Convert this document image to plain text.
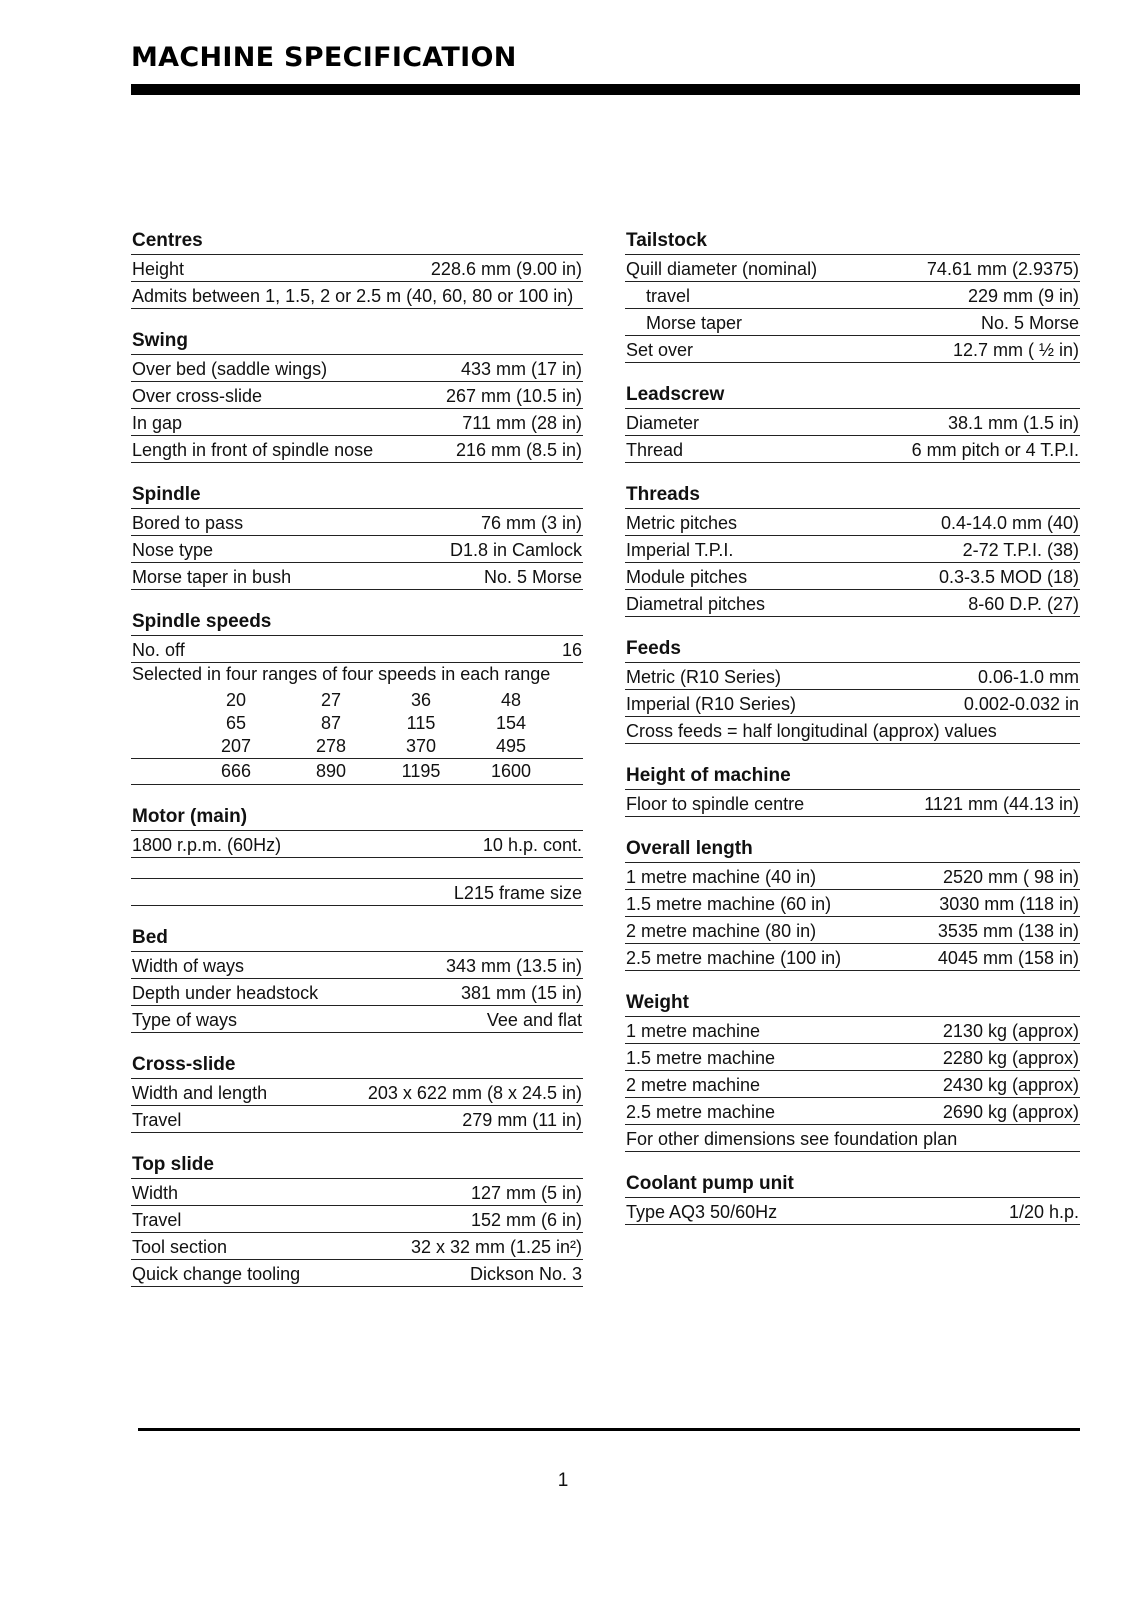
MACHINE SPECIFICATION
Centres
Height	228.6 mm (9.00 in)
Admits between 1, 1.5, 2 or 2.5 m (40, 60, 80 or 100 in)
Swing
Over bed (saddle wings)	433 mm (17 in)
Over cross-slide	267 mm (10.5 in)
In gap	711 mm (28 in)
Length in front of spindle nose	216 mm (8.5 in)
Spindle
Bored to pass	76 mm (3 in)
Nose type	D1.8 in Camlock
Morse taper in bush	No. 5 Morse
Spindle speeds
No. off	16
Selected in four ranges of four speeds in each range
20	27	36	48
65	87	115	154
207	278	370	495
666	890	1195	1600
Motor (main)
1800 r.p.m. (60Hz)	10 h.p. cont.
L215 frame size
Bed
Width of ways	343 mm (13.5 in)
Depth under headstock	381 mm (15 in)
Type of ways	Vee and flat
Cross-slide
Width and length	203 x 622 mm (8 x 24.5 in)
Travel	279 mm (11 in)
Top slide
Width	127 mm (5 in)
Travel	152 mm (6 in)
Tool section	32 x 32 mm (1.25 in²)
Quick change tooling	Dickson No. 3
Tailstock
Quill diameter (nominal)	74.61 mm (2.9375)
travel	229 mm (9 in)
Morse taper	No. 5 Morse
Set over	12.7 mm ( ½ in)
Leadscrew
Diameter	38.1 mm (1.5 in)
Thread	6 mm pitch or 4 T.P.I.
Threads
Metric pitches	0.4-14.0 mm (40)
Imperial T.P.I.	2-72 T.P.I. (38)
Module pitches	0.3-3.5 MOD (18)
Diametral pitches	8-60 D.P. (27)
Feeds
Metric (R10 Series)	0.06-1.0 mm
Imperial (R10 Series)	0.002-0.032 in
Cross feeds = half longitudinal (approx) values
Height of machine
Floor to spindle centre	1121 mm (44.13 in)
Overall length
1 metre machine (40 in)	2520 mm ( 98 in)
1.5 metre machine (60 in)	3030 mm (118 in)
2 metre machine (80 in)	3535 mm (138 in)
2.5 metre machine (100 in)	4045 mm (158 in)
Weight
1 metre machine	2130 kg (approx)
1.5 metre machine	2280 kg (approx)
2 metre machine	2430 kg (approx)
2.5 metre machine	2690 kg (approx)
For other dimensions see foundation plan
Coolant pump unit
Type AQ3 50/60Hz	1/20 h.p.
1
